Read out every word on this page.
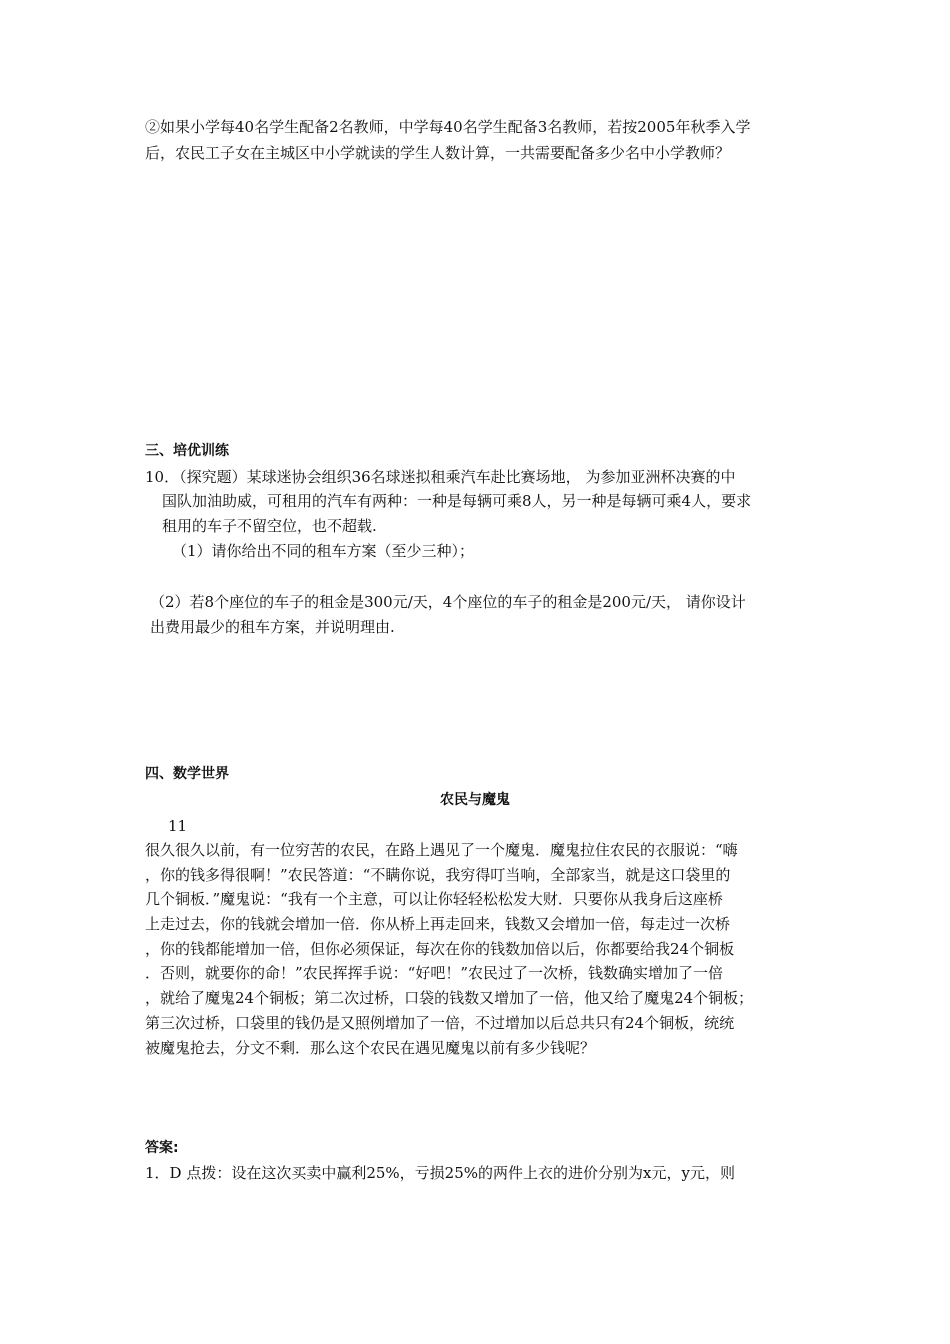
②如果小学每40名学生配备2名教师，中学每40名学生配备3名教师，若按2005年秋季入学
后，农民工子女在主城区中小学就读的学生人数计算，一共需要配备多少名中小学教师？
三、培优训练
10．（探究题）某球迷协会组织36名球迷拟租乘汽车赴比赛场地， 为参加亚洲杯决赛的中
国队加油助威，可租用的汽车有两种：一种是每辆可乘8人，另一种是每辆可乘4人，要求
租用的车子不留空位，也不超载.
（1）请你给出不同的租车方案（至少三种）；
（2）若8个座位的车子的租金是300元/天，4个座位的车子的租金是200元/天， 请你设计
出费用最少的租车方案，并说明理由.
四、数学世界
农民与魔鬼
11
很久很久以前，有一位穷苦的农民，在路上遇见了一个魔鬼．魔鬼拉住农民的衣服说：“嗨
，你的钱多得很啊！”农民答道：“不瞒你说，我穷得叮当响，全部家当，就是这口袋里的
几个铜板．”魔鬼说：“我有一个主意，可以让你轻轻松松发大财．只要你从我身后这座桥
上走过去，你的钱就会增加一倍．你从桥上再走回来，钱数又会增加一倍，每走过一次桥
，你的钱都能增加一倍，但你必须保证，每次在你的钱数加倍以后，你都要给我24个铜板
．否则，就要你的命！”农民挥挥手说：“好吧！”农民过了一次桥，钱数确实增加了一倍
，就给了魔鬼24个铜板；第二次过桥，口袋的钱数又增加了一倍，他又给了魔鬼24个铜板；
第三次过桥，口袋里的钱仍是又照例增加了一倍，不过增加以后总共只有24个铜板，统统
被魔鬼抢去，分文不剩．那么这个农民在遇见魔鬼以前有多少钱呢？
答案:
1．D 点拨：设在这次买卖中赢利25%，亏损25%的两件上衣的进价分别为x元，y元，则
